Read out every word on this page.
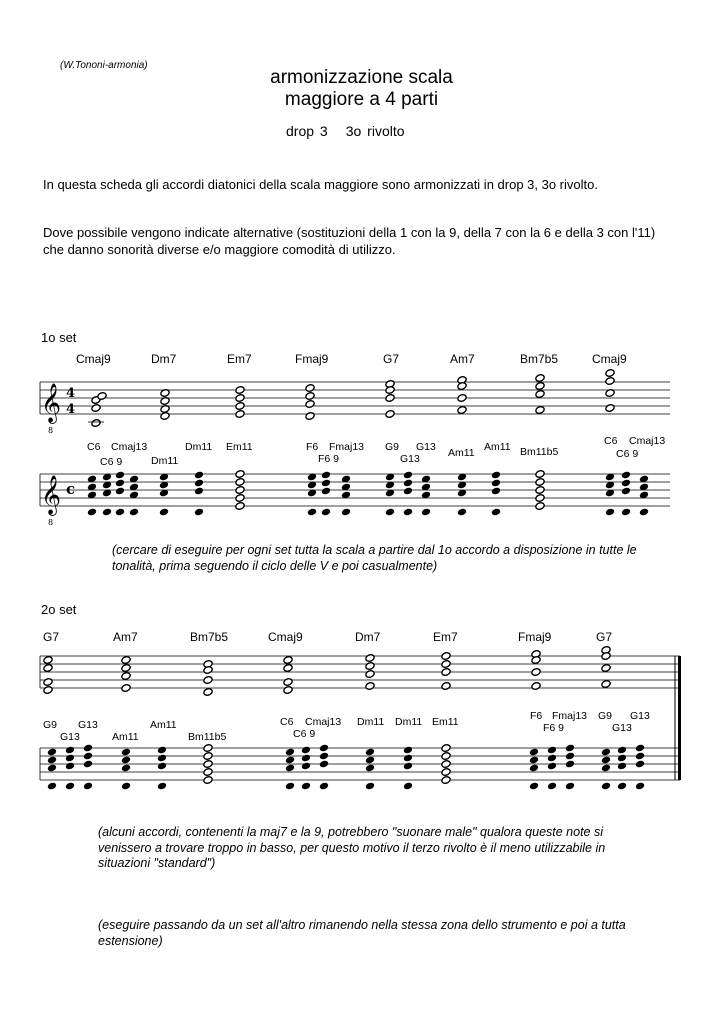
(W.Tononi-armonia)
armonizzazione scala
maggiore a 4 parti
drop 3 3o rivolto
In questa scheda gli accordi diatonici della scala maggiore sono armonizzati in drop 3, 3o rivolto.
Dove possibile vengono indicate alternative (sostituzioni della 1 con la 9, della 7 con la 6 e della 3 con l'11) che danno sonorità diverse e/o maggiore comodità di utilizzo.
1o set
Cmaj9	Dm7	Em7	Fmaj9	G7	Am7	Bm7b5	Cmaj9
C6 Cmaj13	Dm11 Em11	F6 Fmaj13 G9 G13 Am11 Am11	C6 Cmaj13
C6 9	Dm11	F6 9	G13
Bm11b5	C6 9
(cercare di eseguire per ogni set tutta la scala a partire dal 1o accordo a disposizione in tutte le tonalità, prima seguendo il ciclo delle V e poi casualmente)
2o set
G7	Am7	Bm7b5	Cmaj9	Dm7	Em7	Fmaj9	G7
G9 G13	Am11	C6 Cmaj13 Dm11 Dm11 Em11	F6 Fmaj13 G9 G13
G13	Am11	Bm11b5	C6 9	F6 9	G13
(alcuni accordi, contenenti la maj7 e la 9, potrebbero "suonare male" qualora queste note si venissero a trovare troppo in basso, per questo motivo il terzo rivolto è il meno utilizzabile in situazioni "standard")
(eseguire passando da un set all'altro rimanendo nella stessa zona dello strumento e poi a tutta estensione)
𝄞
8
4
4
𝄞
8
c
